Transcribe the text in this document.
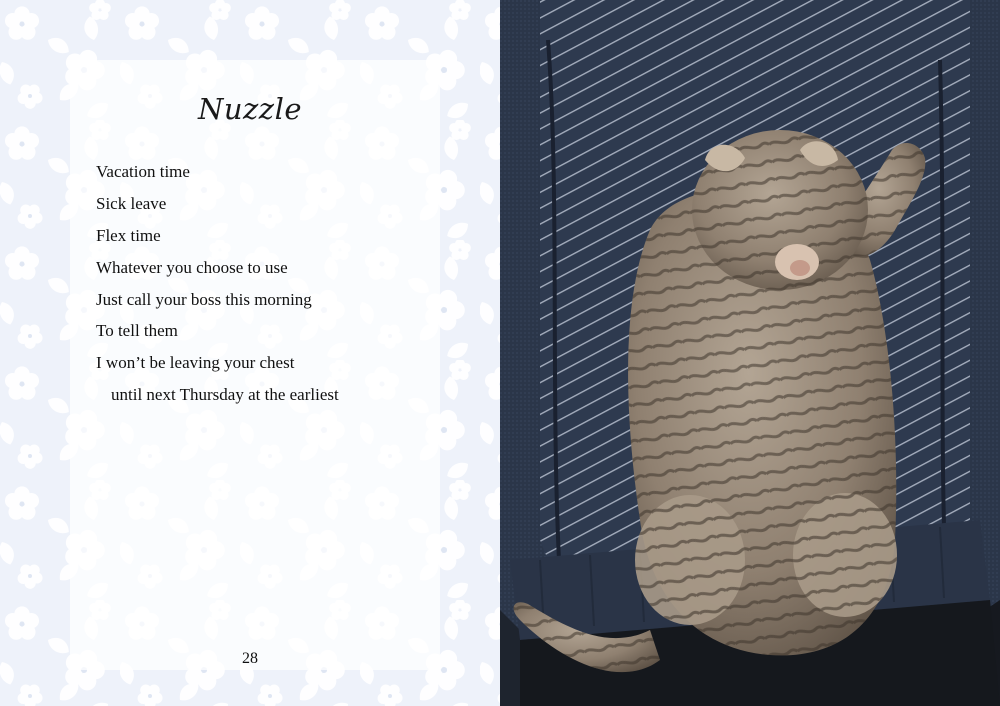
Nuzzle
Vacation time
Sick leave
Flex time
Whatever you choose to use
Just call your boss this morning
To tell them
I won’t be leaving your chest
until next Thursday at the earliest
28
